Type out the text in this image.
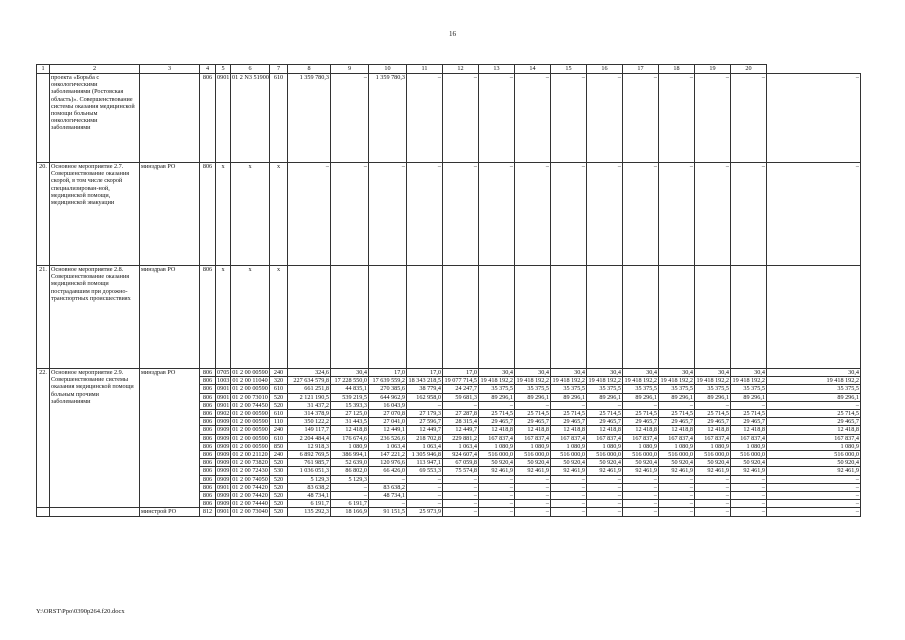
16
1	2	3	4	5	6	7	8	9	10	11	12	13	14	15	16	17	18	19	20	
	проекта «Борьба с онкологическими заболеваниями (Ростовская область)». Совершенствование системы оказания медицинской помощи больным онкологическими заболеваниями		806	0901	01 2 N3 51900	610	1 359 780,3	–	1 359 780,3	–	–	–	–	–	–	–	–	–	–	–
20.	Основное мероприятие 2.7. Совершенствование оказания скорой, в том числе скорой специализирован-ной, медицинской помощи, медицинской эвакуации	минздрав РО	806	x	x	x	–	–	–	–	–	–	–	–	–	–	–	–	–	–
21.	Основное мероприятие 2.8. Совершенствование оказания медицинской помощи пострадавшим при дорожно-транспортных происшествиях	минздрав РО	806	x	x	x														
22.	Основное мероприятие 2.9. Совершенствование системы оказания медицинской помощи больным прочими заболеваниями	минздрав РО	806	0705	01 2 00 00590	240	324,6	30,4	17,0	17,0	17,0	30,4	30,4	30,4	30,4	30,4	30,4	30,4	30,4	30,4
			806	1003	01 2 00 11040	320	227 634 579,8	17 228 550,0	17 639 559,2	18 343 218,5	19 077 714,5	19 418 192,2	19 418 192,2	19 418 192,2	19 418 192,2	19 418 192,2	19 418 192,2	19 418 192,2	19 418 192,2	19 418 192,2
			806	0901	01 2 00 00590	610	661 251,8	44 835,1	270 385,6	38 779,4	24 247,7	35 375,5	35 375,5	35 375,5	35 375,5	35 375,5	35 375,5	35 375,5	35 375,5	35 375,5
			806	0901	01 2 00 73010	520	2 121 190,5	539 219,5	644 962,9	162 958,0	59 681,3	89 296,1	89 296,1	89 296,1	89 296,1	89 296,1	89 296,1	89 296,1	89 296,1	89 296,1
			806	0901	01 2 00 74450	520	31 437,2	15 393,3	16 043,9	–	–	–	–	–	–	–	–	–	–	–
			806	0902	01 2 00 00590	610	314 378,9	27 125,0	27 070,8	27 179,3	27 287,8	25 714,5	25 714,5	25 714,5	25 714,5	25 714,5	25 714,5	25 714,5	25 714,5	25 714,5
			806	0909	01 2 00 00590	110	350 122,2	31 443,5	27 041,0	27 596,7	28 315,4	29 465,7	29 465,7	29 465,7	29 465,7	29 465,7	29 465,7	29 465,7	29 465,7	29 465,7
			806	0909	01 2 00 00590	240	149 117,7	12 418,8	12 449,1	12 449,7	12 449,7	12 418,8	12 418,8	12 418,8	12 418,8	12 418,8	12 418,8	12 418,8	12 418,8	12 418,8
			806	0909	01 2 00 00590	610	2 204 484,4	176 674,6	236 526,6	218 702,8	229 881,2	167 837,4	167 837,4	167 837,4	167 837,4	167 837,4	167 837,4	167 837,4	167 837,4	167 837,4
			806	0909	01 2 00 00590	850	12 918,3	1 080,9	1 063,4	1 063,4	1 063,4	1 080,9	1 080,9	1 080,9	1 080,9	1 080,9	1 080,9	1 080,9	1 080,9	1 080,9
			806	0909	01 2 00 21120	240	6 892 769,5	386 994,1	147 221,2	1 305 946,8	924 607,4	516 000,0	516 000,0	516 000,0	516 000,0	516 000,0	516 000,0	516 000,0	516 000,0	516 000,0
			806	0909	01 2 00 73820	520	761 985,7	52 639,0	120 976,6	113 947,1	67 059,8	50 920,4	50 920,4	50 920,4	50 920,4	50 920,4	50 920,4	50 920,4	50 920,4	50 920,4
			806	0909	01 2 00 72430	530	1 036 051,3	86 802,0	66 426,0	69 553,3	75 574,8	92 461,9	92 461,9	92 461,9	92 461,9	92 461,9	92 461,9	92 461,9	92 461,9	92 461,9
			806	0909	01 2 00 74050	520	5 129,3	5 129,3	–	–	–	–	–	–	–	–	–	–	–	–
			806	0901	01 2 00 74420	520	83 638,2	–	83 638,2	–	–	–	–	–	–	–	–	–	–	–
			806	0909	01 2 00 74420	520	48 734,1	–	48 734,1	–	–	–	–	–	–	–	–	–	–	–
			806	0909	01 2 00 74440	520	6 191,7	6 191,7	–	–	–	–	–	–	–	–	–	–	–	–
		минстрой РО	812	0901	01 2 00 73040	520	135 292,3	18 166,9	91 151,5	25 973,9	–	–	–	–	–	–	–	–	–	–
Y:\ORST\Ppo\0390p264.f20.docx
